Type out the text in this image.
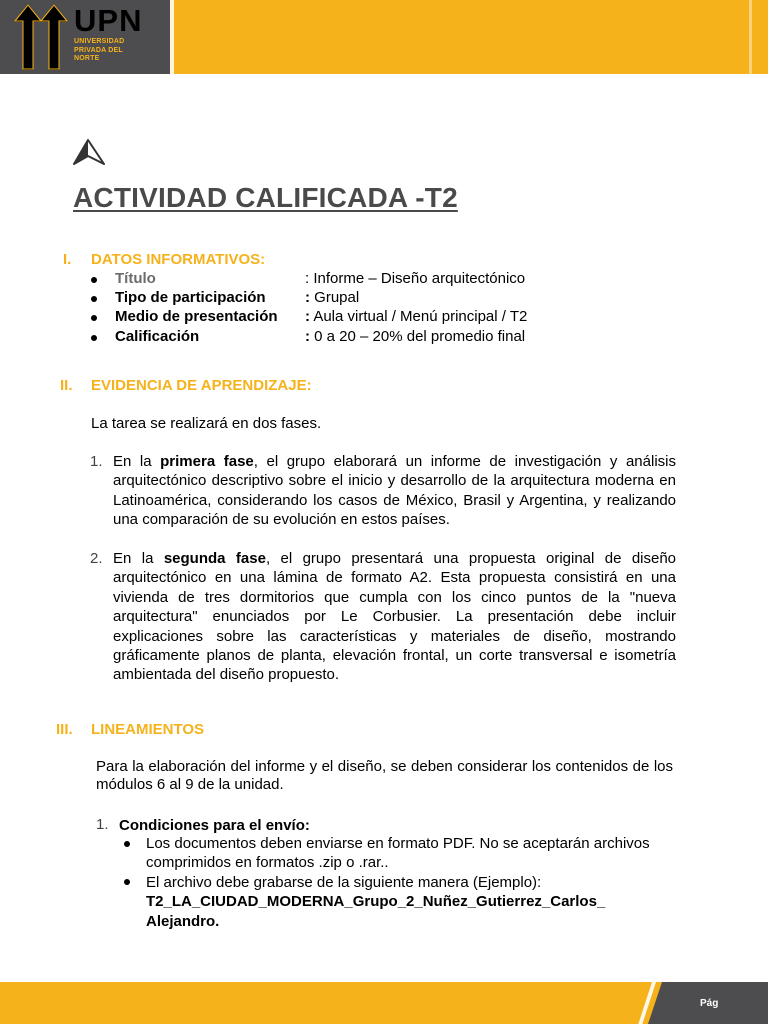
UPN
UNIVERSIDAD PRIVADA DEL NORTE
ACTIVIDAD CALIFICADA -T2
I. DATOS INFORMATIVOS:
Título	: Informe – Diseño arquitectónico
Tipo de participación	: Grupal
Medio de presentación : Aula virtual / Menú principal / T2
Calificación	: 0 a 20 – 20% del promedio final
II. EVIDENCIA DE APRENDIZAJE:
La tarea se realizará en dos fases.
1. En la primera fase, el grupo elaborará un informe de investigación y análisis arquitectónico descriptivo sobre el inicio y desarrollo de la arquitectura moderna en Latinoamérica, considerando los casos de México, Brasil y Argentina, y realizando una comparación de su evolución en estos países.
2. En la segunda fase, el grupo presentará una propuesta original de diseño arquitectónico en una lámina de formato A2. Esta propuesta consistirá en una vivienda de tres dormitorios que cumpla con los cinco puntos de la "nueva arquitectura" enunciados por Le Corbusier. La presentación debe incluir explicaciones sobre las características y materiales de diseño, mostrando gráficamente planos de planta, elevación frontal, un corte transversal e isometría ambientada del diseño propuesto.
III. LINEAMIENTOS
Para la elaboración del informe y el diseño, se deben considerar los contenidos de los módulos 6 al 9 de la unidad.
1. Condiciones para el envío:
Los documentos deben enviarse en formato PDF. No se aceptarán archivos comprimidos en formatos .zip o .rar..
El archivo debe grabarse de la siguiente manera (Ejemplo):
T2_LA_CIUDAD_MODERNA_Grupo_2_Nuñez_Gutierrez_Carlos_
Alejandro.
Pág
